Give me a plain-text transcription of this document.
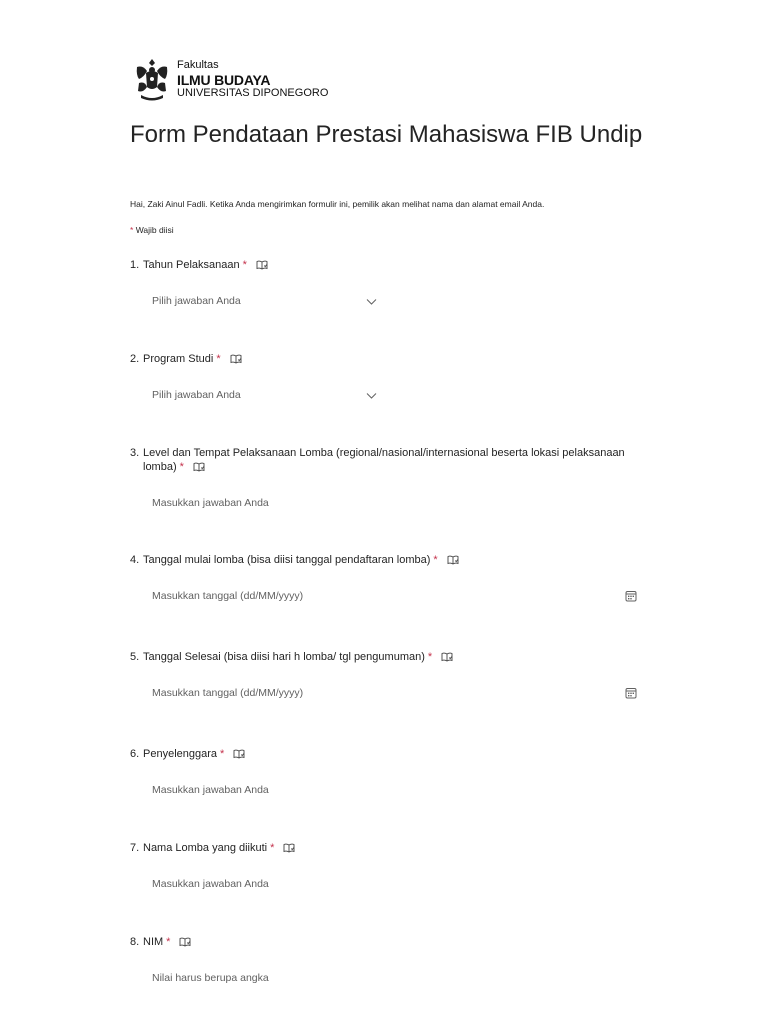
Fakultas
ILMU BUDAYA
UNIVERSITAS DIPONEGORO
Form Pendataan Prestasi Mahasiswa FIB Undip
Hai, Zaki Ainul Fadli. Ketika Anda mengirimkan formulir ini, pemilik akan melihat nama dan alamat email Anda.
* Wajib diisi
1. Tahun Pelaksanaan *
Pilih jawaban Anda
2. Program Studi *
Pilih jawaban Anda
3. Level dan Tempat Pelaksanaan Lomba (regional/nasional/internasional beserta lokasi pelaksanaan lomba) *
Masukkan jawaban Anda
4. Tanggal mulai lomba (bisa diisi tanggal pendaftaran lomba) *
Masukkan tanggal (dd/MM/yyyy)
5. Tanggal Selesai (bisa diisi hari h lomba/ tgl pengumuman) *
Masukkan tanggal (dd/MM/yyyy)
6. Penyelenggara *
Masukkan jawaban Anda
7. Nama Lomba yang diikuti *
Masukkan jawaban Anda
8. NIM *
Nilai harus berupa angka
